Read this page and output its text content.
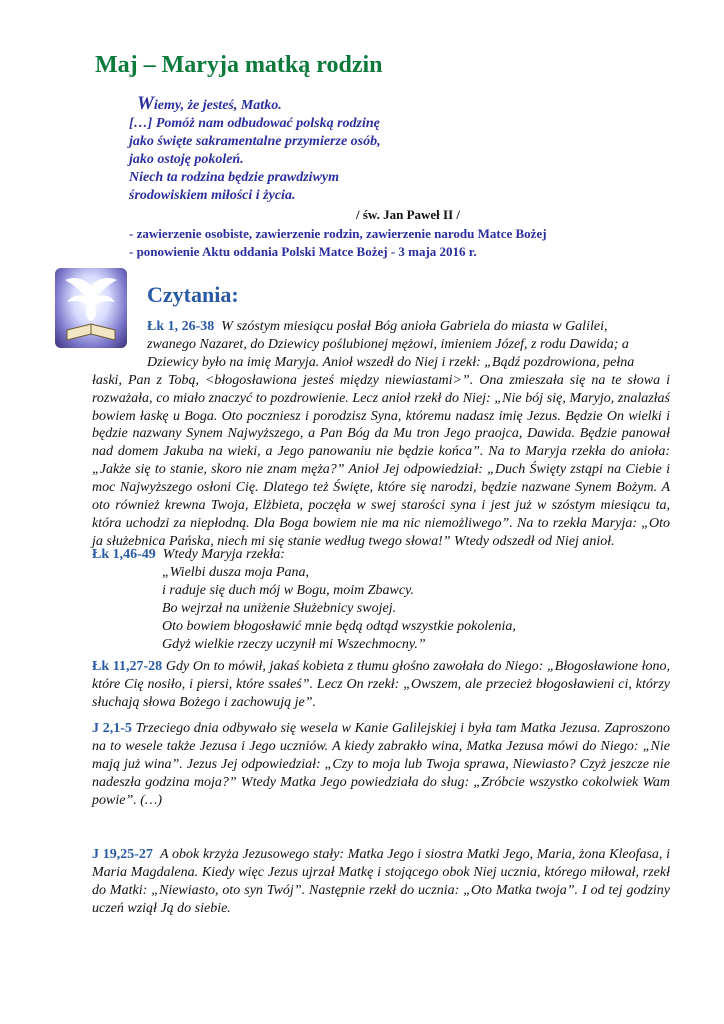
Maj – Maryja matką rodzin
Wiemy, że jesteś, Matko.
[…] Pomóż nam odbudować polską rodzinę
jako święte sakramentalne przymierze osób,
jako ostoję pokoleń.
Niech ta rodzina będzie prawdziwym
środowiskiem miłości i życia.
/ św. Jan Paweł II /
- zawierzenie osobiste, zawierzenie rodzin, zawierzenie narodu Matce Bożej
- ponowienie Aktu oddania Polski Matce Bożej - 3 maja 2016 r.
Czytania:
Łk 1, 26-38 W szóstym miesiącu posłał Bóg anioła Gabriela do miasta w Galilei,
zwanego Nazaret, do Dziewicy poślubionej mężowi, imieniem Józef, z rodu Dawida; a
Dziewicy było na imię Maryja. Anioł wszedł do Niej i rzekł: „Bądź pozdrowiona, pełna
łaski, Pan z Tobą, <błogosławiona jesteś między niewiastami>”. Ona zmieszała się na te słowa i rozważała, co miało znaczyć to pozdrowienie. Lecz anioł rzekł do Niej: „Nie bój się, Maryjo, znalazłaś bowiem łaskę u Boga. Oto poczniesz i porodzisz Syna, któremu nadasz imię Jezus. Będzie On wielki i będzie nazwany Synem Najwyższego, a Pan Bóg da Mu tron Jego praojca, Dawida. Będzie panował nad domem Jakuba na wieki, a Jego panowaniu nie będzie końca”. Na to Maryja rzekła do anioła: „Jakże się to stanie, skoro nie znam męża?” Anioł Jej odpowiedział: „Duch Święty zstąpi na Ciebie i moc Najwyższego osłoni Cię. Dlatego też Święte, które się narodzi, będzie nazwane Synem Bożym. A oto również krewna Twoja, Elżbieta, poczęła w swej starości syna i jest już w szóstym miesiącu ta, która uchodzi za niepłodną. Dla Boga bowiem nie ma nic niemożliwego”. Na to rzekła Maryja: „Oto ja służebnica Pańska, niech mi się stanie według twego słowa!” Wtedy odszedł od Niej anioł.
Łk 1,46-49 Wtedy Maryja rzekła:
„Wielbi dusza moja Pana,
i raduje się duch mój w Bogu, moim Zbawcy.
Bo wejrzał na uniżenie Służebnicy swojej.
Oto bowiem błogosławić mnie będą odtąd wszystkie pokolenia,
Gdyż wielkie rzeczy uczynił mi Wszechmocny.”

Łk 11,27-28 Gdy On to mówił, jakaś kobieta z tłumu głośno zawołała do Niego: „Błogosławione łono, które Cię nosiło, i piersi, które ssałeś”. Lecz On rzekł: „Owszem, ale przecież błogosławieni ci, którzy słuchają słowa Bożego i zachowują je”.

J 2,1-5 Trzeciego dnia odbywało się wesela w Kanie Galilejskiej i była tam Matka Jezusa. Zaproszono na to wesele także Jezusa i Jego uczniów. A kiedy zabrakło wina, Matka Jezusa mówi do Niego: „Nie mają już wina”. Jezus Jej odpowiedział: „Czy to moja lub Twoja sprawa, Niewiasto? Czyż jeszcze nie nadeszła godzina moja?” Wtedy Matka Jego powiedziała do sług: „Zróbcie wszystko cokolwiek Wam powie”. (…)

J 19,25-27 A obok krzyża Jezusowego stały: Matka Jego i siostra Matki Jego, Maria, żona Kleofasa, i Maria Magdalena. Kiedy więc Jezus ujrzał Matkę i stojącego obok Niej ucznia, którego miłował, rzekł do Matki: „Niewiasto, oto syn Twój”. Następnie rzekł do ucznia: „Oto Matka twoja”. I od tej godziny uczeń wziął Ją do siebie.
